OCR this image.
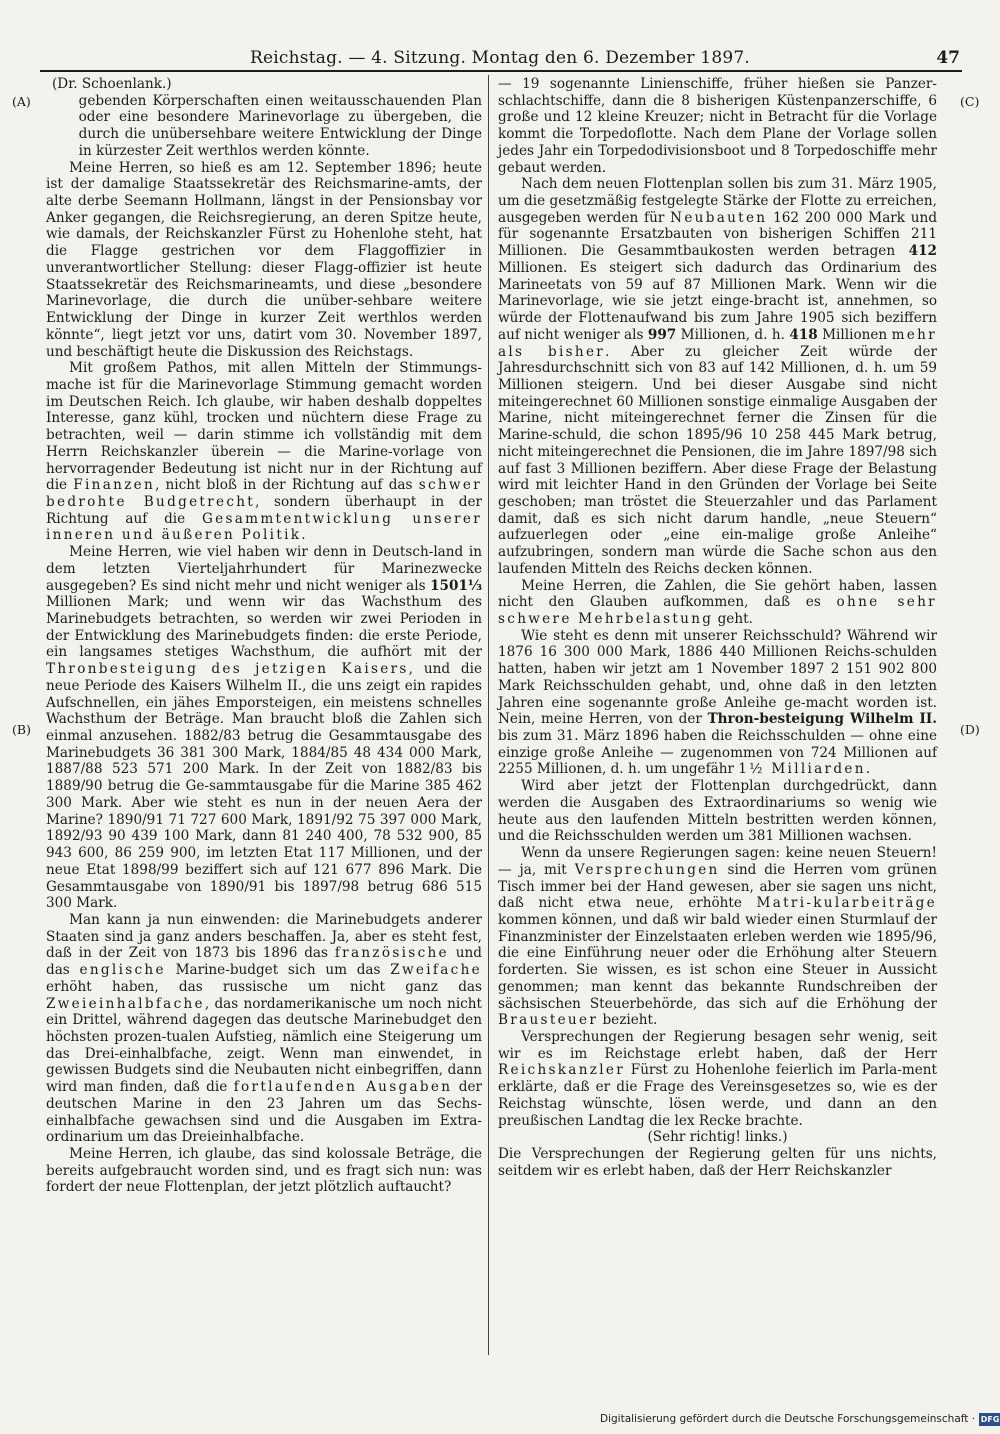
Reichstag. — 4. Sitzung. Montag den 6. Dezember 1897.	47
(A)
(B)
(C)
(D)

(Dr. Schoenlank.)

gebenden Körperschaften einen weitausschauenden Plan oder eine besondere Marinevorlage zu übergeben, die durch die unübersehbare weitere Entwicklung der Dinge in kürzester Zeit werthlos werden könnte.

Meine Herren, so hieß es am 12. September 1896; heute ist der damalige Staatssekretär des Reichsmarine-amts, der alte derbe Seemann Hollmann, längst in der Pensionsbay vor Anker gegangen, die Reichsregierung, an deren Spitze heute, wie damals, der Reichskanzler Fürst zu Hohenlohe steht, hat die Flagge gestrichen vor dem Flaggoffizier in unverantwortlicher Stellung: dieser Flagg-offizier ist heute Staatssekretär des Reichsmarineamts, und diese „besondere Marinevorlage, die durch die unüber-sehbare weitere Entwicklung der Dinge in kurzer Zeit werthlos werden könnte“, liegt jetzt vor uns, datirt vom 30. November 1897, und beschäftigt heute die Diskussion des Reichstags.

Mit großem Pathos, mit allen Mitteln der Stimmungs-mache ist für die Marinevorlage Stimmung gemacht worden im Deutschen Reich. Ich glaube, wir haben deshalb doppeltes Interesse, ganz kühl, trocken und nüchtern diese Frage zu betrachten, weil — darin stimme ich vollständig mit dem Herrn Reichskanzler überein — die Marine-vorlage von hervorragender Bedeutung ist nicht nur in der Richtung auf die Finanzen, nicht bloß in der Richtung auf das schwer bedrohte Budgetrecht, sondern überhaupt in der Richtung auf die Gesammtentwicklung unserer inneren und äußeren Politik.

Meine Herren, wie viel haben wir denn in Deutsch-land in dem letzten Vierteljahrhundert für Marinezwecke ausgegeben? Es sind nicht mehr und nicht weniger als 1501⅓ Millionen Mark; und wenn wir das Wachsthum des Marinebudgets betrachten, so werden wir zwei Perioden in der Entwicklung des Marinebudgets finden: die erste Periode, ein langsames stetiges Wachsthum, die aufhört mit der Thronbesteigung des jetzigen Kaisers, und die neue Periode des Kaisers Wilhelm II., die uns zeigt ein rapides Aufschnellen, ein jähes Emporsteigen, ein meistens schnelles Wachsthum der Beträge. Man braucht bloß die Zahlen sich einmal anzusehen. 1882/83 betrug die Gesammtausgabe des Marinebudgets 36 381 300 Mark, 1884/85 48 434 000 Mark, 1887/88 523 571 200 Mark. In der Zeit von 1882/83 bis 1889/90 betrug die Ge-sammtausgabe für die Marine 385 462 300 Mark. Aber wie steht es nun in der neuen Aera der Marine? 1890/91 71 727 600 Mark, 1891/92 75 397 000 Mark, 1892/93 90 439 100 Mark, dann 81 240 400, 78 532 900, 85 943 600, 86 259 900, im letzten Etat 117 Millionen, und der neue Etat 1898/99 beziffert sich auf 121 677 896 Mark. Die Gesammtausgabe von 1890/91 bis 1897/98 betrug 686 515 300 Mark.

Man kann ja nun einwenden: die Marinebudgets anderer Staaten sind ja ganz anders beschaffen. Ja, aber es steht fest, daß in der Zeit von 1873 bis 1896 das französische und das englische Marine-budget sich um das Zweifache erhöht haben, das russische um nicht ganz das Zweieinhalbfache, das nordamerikanische um noch nicht ein Drittel, während dagegen das deutsche Marinebudget den höchsten prozen-tualen Aufstieg, nämlich eine Steigerung um das Drei-einhalbfache, zeigt. Wenn man einwendet, in gewissen Budgets sind die Neubauten nicht einbegriffen, dann wird man finden, daß die fortlaufenden Ausgaben der deutschen Marine in den 23 Jahren um das Sechs-einhalbfache gewachsen sind und die Ausgaben im Extra-ordinarium um das Dreieinhalbfache.

Meine Herren, ich glaube, das sind kolossale Beträge, die bereits aufgebraucht worden sind, und es fragt sich nun: was fordert der neue Flottenplan, der jetzt plötzlich auftaucht?

— 19 sogenannte Linienschiffe, früher hießen sie Panzer-schlachtschiffe, dann die 8 bisherigen Küstenpanzerschiffe, 6 große und 12 kleine Kreuzer; nicht in Betracht für die Vorlage kommt die Torpedoflotte. Nach dem Plane der Vorlage sollen jedes Jahr ein Torpedodivisionsboot und 8 Torpedoschiffe mehr gebaut werden.

Nach dem neuen Flottenplan sollen bis zum 31. März 1905, um die gesetzmäßig festgelegte Stärke der Flotte zu erreichen, ausgegeben werden für Neubauten 162 200 000 Mark und für sogenannte Ersatzbauten von bisherigen Schiffen 211 Millionen. Die Gesammtbaukosten werden betragen 412 Millionen. Es steigert sich dadurch das Ordinarium des Marineetats von 59 auf 87 Millionen Mark. Wenn wir die Marinevorlage, wie sie jetzt einge-bracht ist, annehmen, so würde der Flottenaufwand bis zum Jahre 1905 sich beziffern auf nicht weniger als 997 Millionen, d. h. 418 Millionen mehr als bisher. Aber zu gleicher Zeit würde der Jahresdurchschnitt sich von 83 auf 142 Millionen, d. h. um 59 Millionen steigern. Und bei dieser Ausgabe sind nicht miteingerechnet 60 Millionen sonstige einmalige Ausgaben der Marine, nicht miteingerechnet ferner die Zinsen für die Marine-schuld, die schon 1895/96 10 258 445 Mark betrug, nicht miteingerechnet die Pensionen, die im Jahre 1897/98 sich auf fast 3 Millionen beziffern. Aber diese Frage der Belastung wird mit leichter Hand in den Gründen der Vorlage bei Seite geschoben; man tröstet die Steuerzahler und das Parlament damit, daß es sich nicht darum handle, „neue Steuern“ aufzuerlegen oder „eine ein-malige große Anleihe“ aufzubringen, sondern man würde die Sache schon aus den laufenden Mitteln des Reichs decken können.

Meine Herren, die Zahlen, die Sie gehört haben, lassen nicht den Glauben aufkommen, daß es ohne sehr schwere Mehrbelastung geht.

Wie steht es denn mit unserer Reichsschuld? Während wir 1876 16 300 000 Mark, 1886 440 Millionen Reichs-schulden hatten, haben wir jetzt am 1 November 1897 2 151 902 800 Mark Reichsschulden gehabt, und, ohne daß in den letzten Jahren eine sogenannte große Anleihe ge-macht worden ist. Nein, meine Herren, von der Thron-besteigung Wilhelm II. bis zum 31. März 1896 haben die Reichsschulden — ohne eine einzige große Anleihe — zugenommen von 724 Millionen auf 2255 Millionen, d. h. um ungefähr 1½ Milliarden.

Wird aber jetzt der Flottenplan durchgedrückt, dann werden die Ausgaben des Extraordinariums so wenig wie heute aus den laufenden Mitteln bestritten werden können, und die Reichsschulden werden um 381 Millionen wachsen.

Wenn da unsere Regierungen sagen: keine neuen Steuern! — ja, mit Versprechungen sind die Herren vom grünen Tisch immer bei der Hand gewesen, aber sie sagen uns nicht, daß nicht etwa neue, erhöhte Matri-kularbeiträge kommen können, und daß wir bald wieder einen Sturmlauf der Finanzminister der Einzelstaaten erleben werden wie 1895/96, die eine Einführung neuer oder die Erhöhung alter Steuern forderten. Sie wissen, es ist schon eine Steuer in Aussicht genommen; man kennt das bekannte Rundschreiben der sächsischen Steuerbehörde, das sich auf die Erhöhung der Brausteuer bezieht.

Versprechungen der Regierung besagen sehr wenig, seit wir es im Reichstage erlebt haben, daß der Herr Reichskanzler Fürst zu Hohenlohe feierlich im Parla-ment erklärte, daß er die Frage des Vereinsgesetzes so, wie es der Reichstag wünschte, lösen werde, und dann an den preußischen Landtag die lex Recke brachte.

(Sehr richtig! links.)

Die Versprechungen der Regierung gelten für uns nichts, seitdem wir es erlebt haben, daß der Herr Reichskanzler

Digitalisierung gefördert durch die Deutsche Forschungsgemeinschaft · DFG
